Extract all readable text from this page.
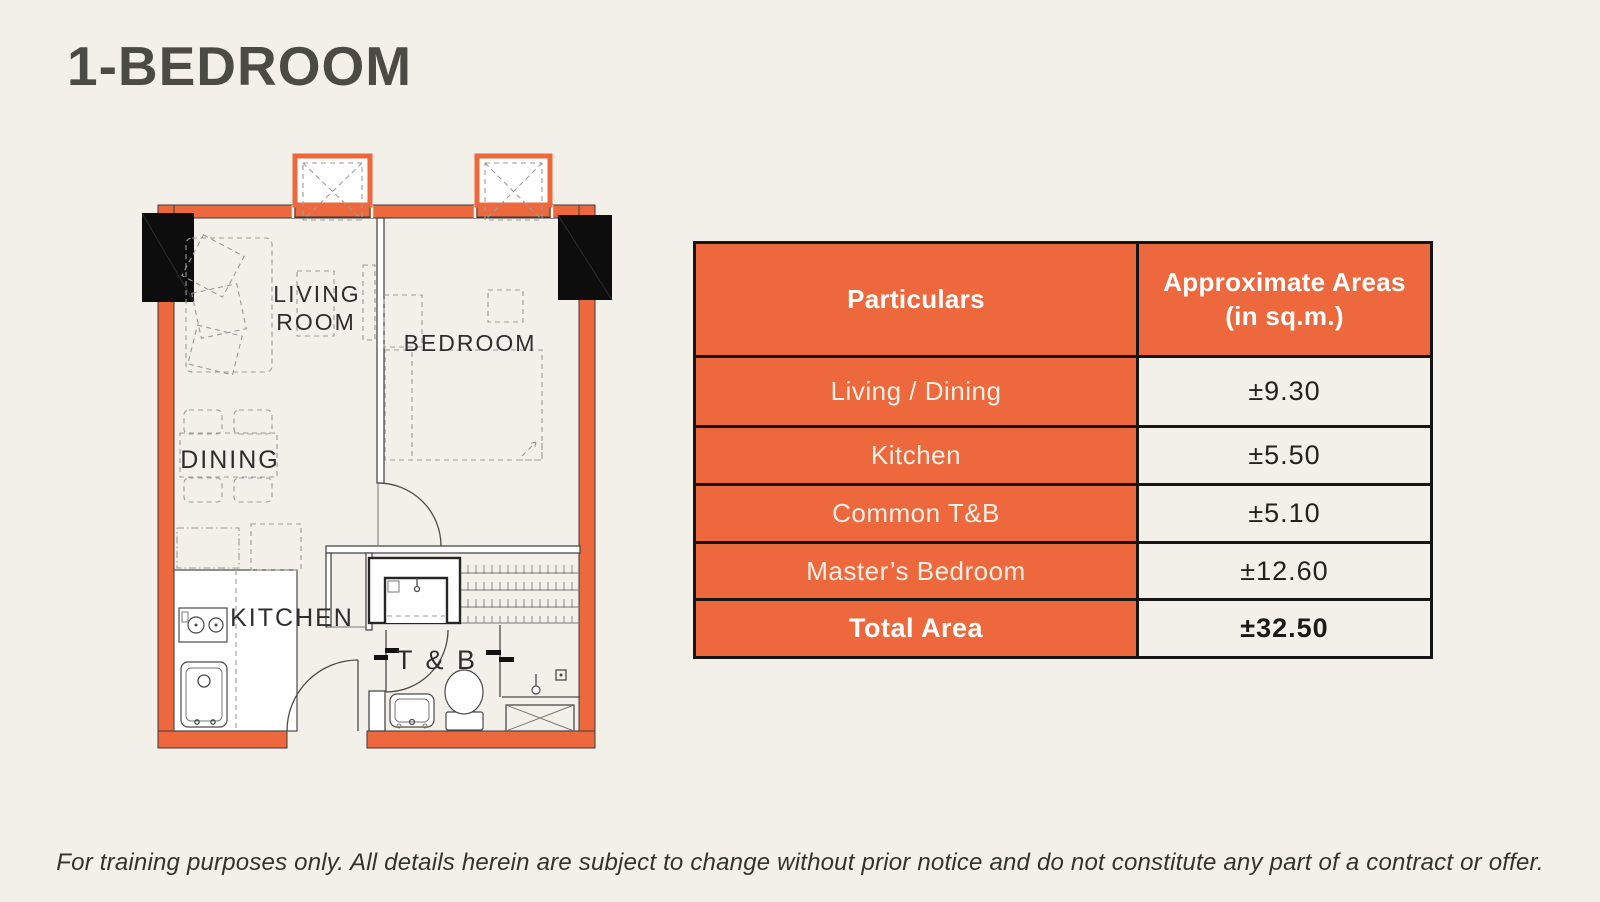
1-BEDROOM
LIVING
ROOM
BEDROOM
DINING
KITCHEN
T & B
Particulars	Approximate Areas
(in sq.m.)

Living / Dining	±9.30
Kitchen	±5.50
Common T&B	±5.10
Master’s Bedroom	±12.60
Total Area	±32.50
For training purposes only. All details herein are subject to change without prior notice and do not constitute any part of a contract or offer.
